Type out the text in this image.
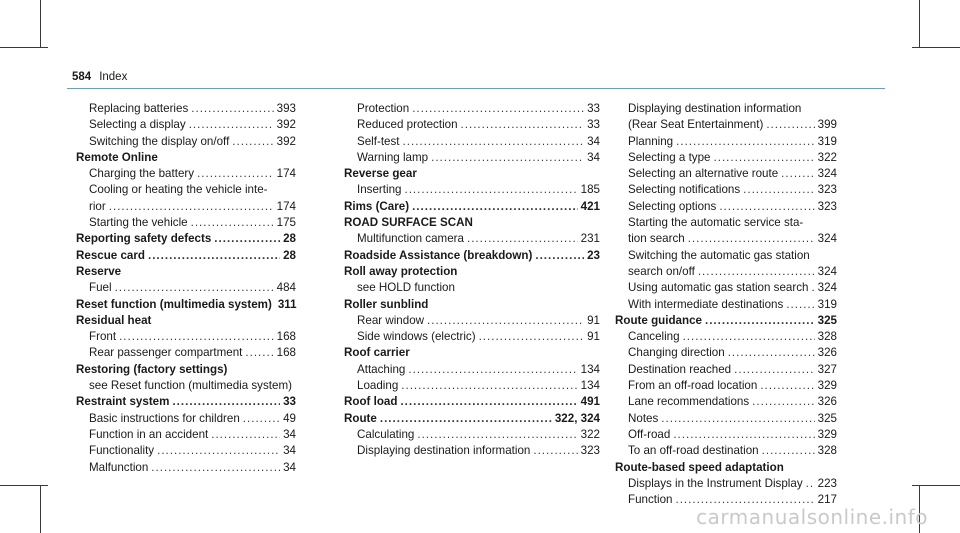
584 Index
Replacing batteries .....	393
Selecting a display .....	392
Switching the display on/off .....	392
Remote Online
Charging the battery .....	174
Cooling or heating the vehicle inte-
rior .....	174
Starting the vehicle .....	175
Reporting safety defects .....	28
Rescue card .....	28
Reserve
Fuel .....	484
Reset function (multimedia system) 311
Residual heat
Front .....	168
Rear passenger compartment .....	168
Restoring (factory settings)
see Reset function (multimedia system)
Restraint system .....	33
Basic instructions for children .....	49
Function in an accident .....	34
Functionality .....	34
Malfunction .....	34
Protection .....	33
Reduced protection .....	33
Self-test .....	34
Warning lamp .....	34
Reverse gear
Inserting .....	185
Rims (Care) .....	421
ROAD SURFACE SCAN
Multifunction camera .....	231
Roadside Assistance (breakdown) .....	23
Roll away protection
see HOLD function
Roller sunblind
Rear window .....	91
Side windows (electric) .....	91
Roof carrier
Attaching .....	134
Loading .....	134
Roof load .....	491
Route .....	322, 324
Calculating .....	322
Displaying destination information .....	323
Displaying destination information
(Rear Seat Entertainment) .....	399
Planning .....	319
Selecting a type .....	322
Selecting an alternative route .....	324
Selecting notifications .....	323
Selecting options .....	323
Starting the automatic service sta-
tion search .....	324
Switching the automatic gas station
search on/off .....	324
Using automatic gas station search ..... 324
With intermediate destinations .....	319
Route guidance .....	325
Canceling .....	328
Changing direction .....	326
Destination reached .....	327
From an off-road location .....	329
Lane recommendations .....	326
Notes .....	325
Off-road .....	329
To an off-road destination .....	328
Route-based speed adaptation
Displays in the Instrument Display ..... 223
Function .....	217
carmanualsonline.info
